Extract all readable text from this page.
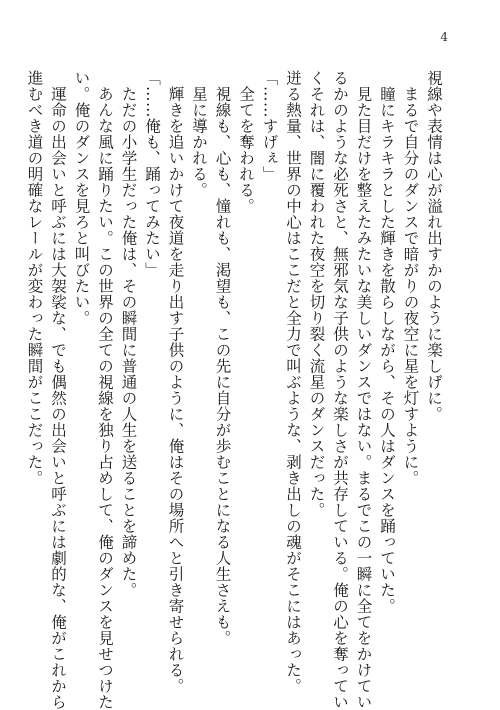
4
視線や表情は心が溢れ出すかのように楽しげに。
まるで自分のダンスで暗がりの夜空に星を灯すように。
瞳にキラキラとした輝きを散らしながら、その人はダンスを踊っていた。
見た目だけを整えたみたいな美しいダンスではない。まるでこの一瞬に全てをかけてい
るかのような必死さと、無邪気な子供のような楽しさが共存している。俺の心を奪ってい
くそれは、闇に覆われた夜空を切り裂く流星のダンスだった。
迸る熱量、世界の中心はここだと全力で叫ぶような、剥き出しの魂がそこにはあった。
「……すげぇ」
全てを奪われる。
視線も、心も、憧れも、渇望も、この先に自分が歩むことになる人生さえも。
星に導かれる。
輝きを追いかけて夜道を走り出す子供のように、俺はその場所へと引き寄せられる。
「……俺も、踊ってみたい」
ただの小学生だった俺は、その瞬間に普通の人生を送ることを諦めた。
あんな風に踊りたい。この世界の全ての視線を独り占めして、俺のダンスを見せつけた
い。俺のダンスを見ろと叫びたい。
運命の出会いと呼ぶには大袈裟な、でも偶然の出会いと呼ぶには劇的な、俺がこれから
進むべき道の明確なレールが変わった瞬間がここだった。
